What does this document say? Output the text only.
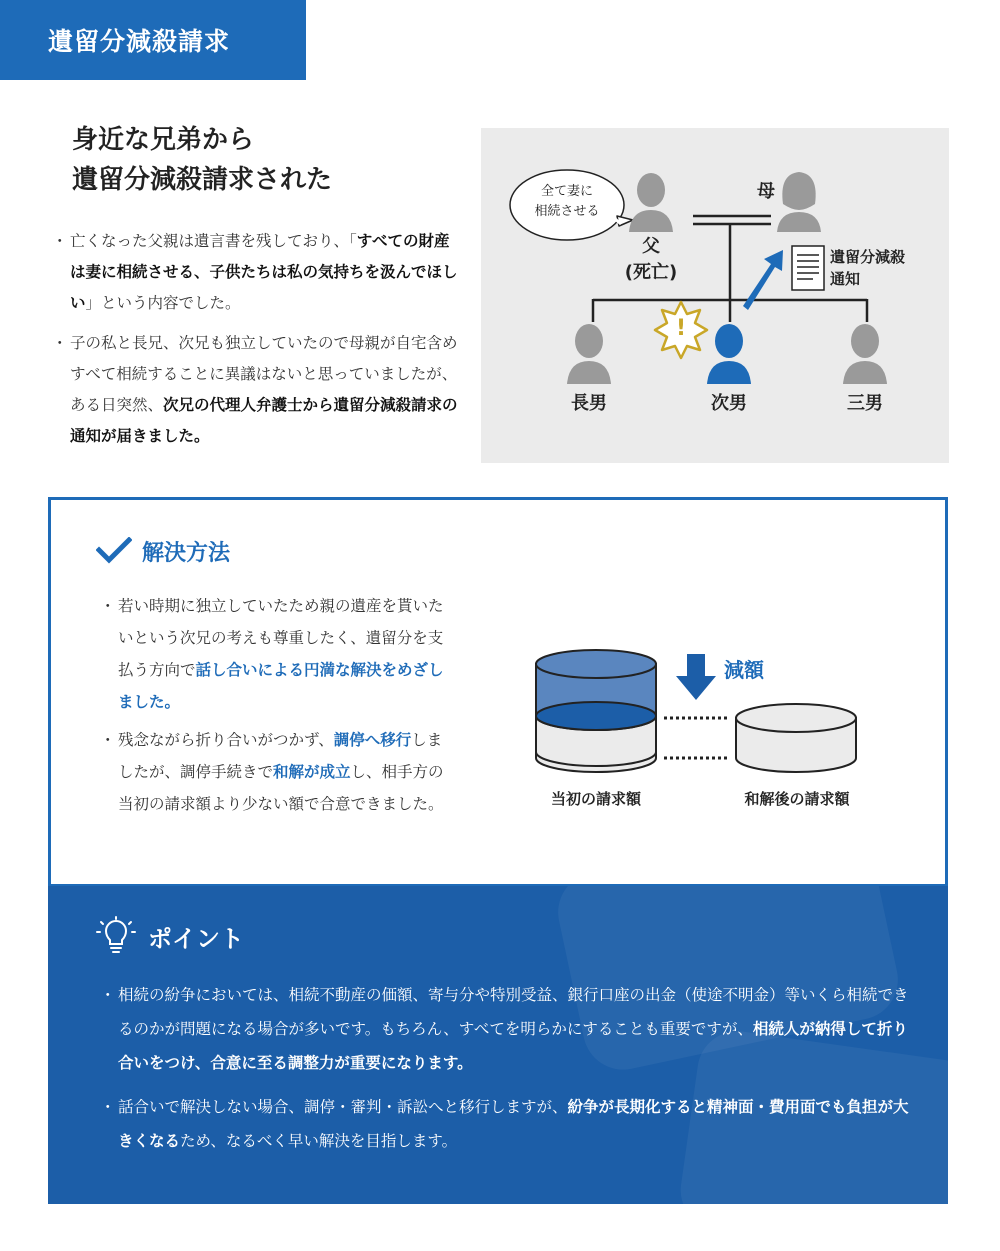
遺留分減殺請求
身近な兄弟から
遺留分減殺請求された
・ 亡くなった父親は遺言書を残しており、「すべての財産は妻に相続させる、子供たちは私の気持ちを汲んでほしい」という内容でした。
・ 子の私と長兄、次兄も独立していたので母親が自宅含めすべて相続することに異議はないと思っていましたが、ある日突然、次兄の代理人弁護士から遺留分減殺請求の通知が届きました。
全て妻に
相続させる
父
(死亡)
母
遺留分減殺
通知
!
長男	次男	三男
解決方法
・ 若い時期に独立していたため親の遺産を貰いたいという次兄の考えも尊重したく、遺留分を支払う方向で話し合いによる円満な解決をめざしました。
・ 残念ながら折り合いがつかず、調停へ移行しましたが、調停手続きで和解が成立し、相手方の当初の請求額より少ない額で合意できました。
減額
当初の請求額	和解後の請求額
ポイント
・ 相続の紛争においては、相続不動産の価額、寄与分や特別受益、銀行口座の出金（使途不明金）等いくら相続できるのかが問題になる場合が多いです。もちろん、すべてを明らかにすることも重要ですが、相続人が納得して折り合いをつけ、合意に至る調整力が重要になります。
・ 話合いで解決しない場合、調停・審判・訴訟へと移行しますが、紛争が長期化すると精神面・費用面でも負担が大きくなるため、なるべく早い解決を目指します。
